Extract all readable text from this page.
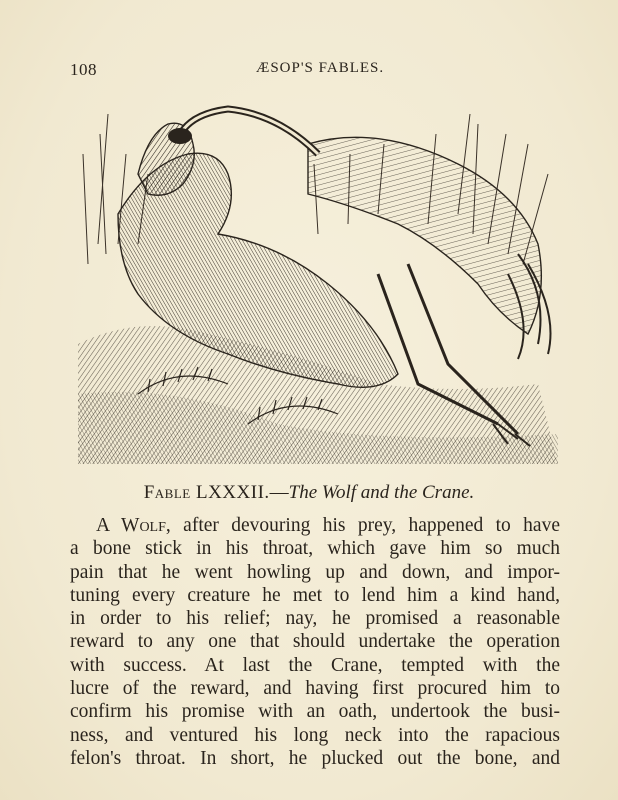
108	ÆSOP'S FABLES.
Fable LXXXII.—The Wolf and the Crane.
A Wolf, after devouring his prey, happened to have
a bone stick in his throat, which gave him so much
pain that he went howling up and down, and impor-
tuning every creature he met to lend him a kind hand,
in order to his relief; nay, he promised a reasonable
reward to any one that should undertake the operation
with success. At last the Crane, tempted with the
lucre of the reward, and having first procured him to
confirm his promise with an oath, undertook the busi-
ness, and ventured his long neck into the rapacious
felon's throat. In short, he plucked out the bone, and
